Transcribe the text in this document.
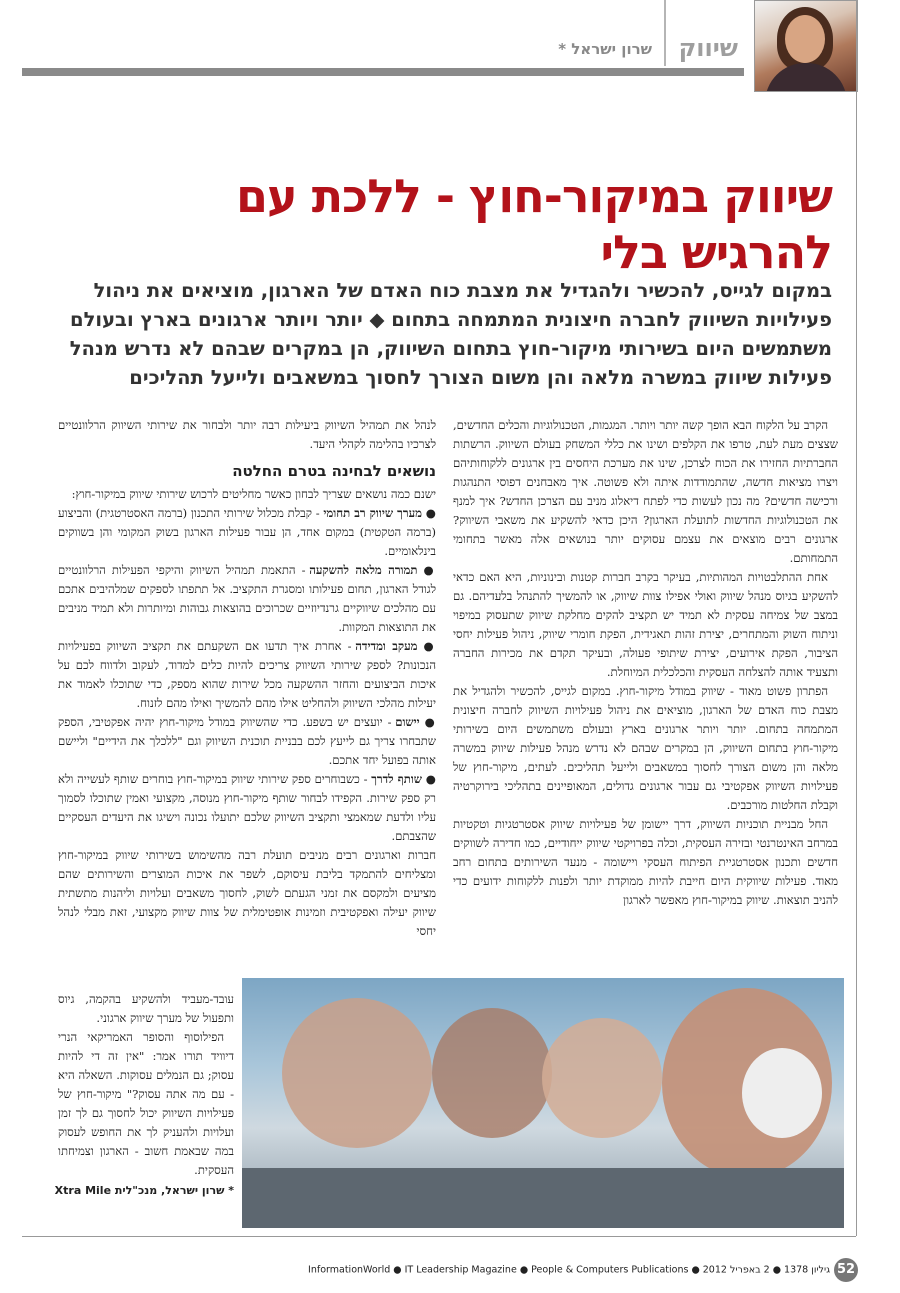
שיווק
שרון ישראל *
שיווק במיקור-חוץ - ללכת עם להרגיש בלי
במקום לגייס, להכשיר ולהגדיל את מצבת כוח האדם של הארגון, מוציאים את ניהול פעילויות השיווק לחברה חיצונית המתמחה בתחום ◆ יותר ויותר ארגונים בארץ ובעולם משתמשים היום בשירותי מיקור-חוץ בתחום השיווק, הן במקרים שבהם לא נדרש מנהל פעילות שיווק במשרה מלאה והן משום הצורך לחסוך במשאבים ולייעל תהליכים

הקרב על הלקוח הבא הופך קשה יותר ויותר. המגמות, הטכנולוגיות והכלים החדשים, שצצים מעת לעת, טרפו את הקלפים ושינו את כללי המשחק בעולם השיווק. הרשתות החברתיות החזירו את הכוח לצרכן, שינו את מערכת היחסים בין ארגונים ללקוחותיהם ויצרו מציאות חדשה, שהתמודדות איתה ולא פשוטה. איך מאבחנים דפוסי התנהגות ורכישה חדשים? מה נכון לעשות כדי לפתח דיאלוג מניב עם הצרכן החדש? איך למנף את הטכנולוגיות החדשות לתועלת הארגון? היכן כדאי להשקיע את משאבי השיווק? ארגונים רבים מוצאים את עצמם עסוקים יותר בנושאים אלה מאשר בתחומי התמחותם.

אחת ההתלבטויות המהותיות, בעיקר בקרב חברות קטנות ובינוניות, היא האם כדאי להשקיע בגיוס מנהל שיווק ואולי אפילו צוות שיווק, או להמשיך להתנהל בלעדיהם. גם במצב של צמיחה עסקית לא תמיד יש תקציב להקים מחלקת שיווק שתעסוק במיפוי וניתוח השוק והמתחרים, יצירת זהות תאגידית, הפקת חומרי שיווק, ניהול פעילות יחסי הציבור, הפקת אירועים, יצירת שיתופי פעולה, ובעיקר תקדם את מכירות החברה ותצעיד אותה להצלחה העסקית והכלכלית המיוחלת.

הפתרון פשוט מאוד - שיווק במודל מיקור-חוץ. במקום לגייס, להכשיר ולהגדיל את מצבת כוח האדם של הארגון, מוציאים את ניהול פעילויות השיווק לחברה חיצונית המתמחה בתחום. יותר ויותר ארגונים בארץ ובעולם משתמשים היום בשירותי מיקור-חוץ בתחום השיווק, הן במקרים שבהם לא נדרש מנהל פעילות שיווק במשרה מלאה והן משום הצורך לחסוך במשאבים ולייעל תהליכים. לעתים, מיקור-חוץ של פעילויות השיווק אפקטיבי גם עבור ארגונים גדולים, המאופיינים בתהליכי בירוקרטיה וקבלת החלטות מורכבים.

החל מבניית תוכניות השיווק, דרך יישומן של פעילויות שיווק אסטרטגיות וטקטיות במרחב האינטרנטי ובזירה העסקית, וכלה בפרויקטי שיווק ייחודיים, כמו חדירה לשווקים חדשים ותכנון אסטרטגיית הפיתוח העסקי ויישומה - מנעד השירותים בתחום רחב מאוד. פעילות שיווקית היום חייבת להיות ממוקדת יותר ולפנות ללקוחות ידועים כדי להניב תוצאות. שיווק במיקור-חוץ מאפשר לארגון

לנהל את תמהיל השיווק ביעילות רבה יותר ולבחור את שירותי השיווק הרלוונטיים לצרכיו בהלימה לקהלי היעד.

נושאים לבחינה בטרם החלטה

ישנם כמה נושאים שצריך לבחון כאשר מחליטים לרכוש שירותי שיווק במיקור-חוץ:

● מערך שיווק רב תחומי - קבלת מכלול שירותי התכנון (ברמה האסטרטגית) והביצוע (ברמה הטקטית) במקום אחד, הן עבור פעילות הארגון בשוק המקומי והן בשווקים בינלאומיים.

● תמורה מלאה להשקעה - התאמת תמהיל השיווק והיקפי הפעילות הרלוונטיים לגודל הארגון, תחום פעילותו ומסגרת התקציב. אל תתפתו לספקים שמלהיבים אתכם עם מהלכים שיווקיים גרנדיוזיים שכרוכים בהוצאות גבוהות ומיותרות ולא תמיד מניבים את התוצאות המקוות.

● מעקב ומדידה - אחרת איך תדעו אם השקעתם את תקציב השיווק בפעילויות הנכונות? לספק שירותי השיווק צריכים להיות כלים למדוד, לעקוב ולדווח לכם על איכות הביצועים והחזר ההשקעה מכל שירות שהוא מספק, כדי שתוכלו לאמוד את יעילות מהלכי השיווק ולהחליט אילו מהם להמשיך ואילו מהם לזנוח.

● יישום - יועצים יש בשפע. כדי שהשיווק במודל מיקור-חוץ יהיה אפקטיבי, הספק שתבחרו צריך גם לייעץ לכם בבניית תוכנית השיווק וגם "ללכלך את הידיים" וליישם אותה בפועל יחד אתכם.

● שותף לדרך - כשבוחרים ספק שירותי שיווק במיקור-חוץ בוחרים שותף לעשייה ולא רק ספק שירות. הקפידו לבחור שותף מיקור-חוץ מנוסה, מקצועי ואמין שתוכלו לסמוך עליו ולדעת שמאמצי ותקציב השיווק שלכם יתועלו נכונה וישיגו את היעדים העסקיים שהצבתם.

חברות וארגונים רבים מניבים תועלת רבה מהשימוש בשירותי שיווק במיקור-חוץ ומצליחים להתמקד בליבת עיסוקם, לשפר את איכות המוצרים והשירותים שהם מציעים ולמקסם את זמני הגעתם לשוק, לחסוך משאבים ועלויות וליהנות מתשתית שיווק יעילה ואפקטיבית וזמינות אופטימלית של צוות שיווק מקצועי, זאת מבלי לנהל יחסי

עובד-מעביד ולהשקיע בהקמה, גיוס ותפעול של מערך שיווק ארגוני.

הפילוסוף והסופר האמריקאי הנרי דיוויד תורו אמר: "אין זה די להיות עסוק; גם הנמלים עסוקות. השאלה היא - עם מה אתה עסוק?" מיקור-חוץ של פעילויות השיווק יכול לחסוך גם לך זמן ועלויות ולהעניק לך את החופש לעסוק במה שבאמת חשוב - הארגון וצמיחתו העסקית.

* שרון ישראל, מנכ"לית Xtra Mile
52גיליון 1378 ● 2 באפריל 2012 ● InformationWorld ● IT Leadership Magazine ● People & Computers Publications
